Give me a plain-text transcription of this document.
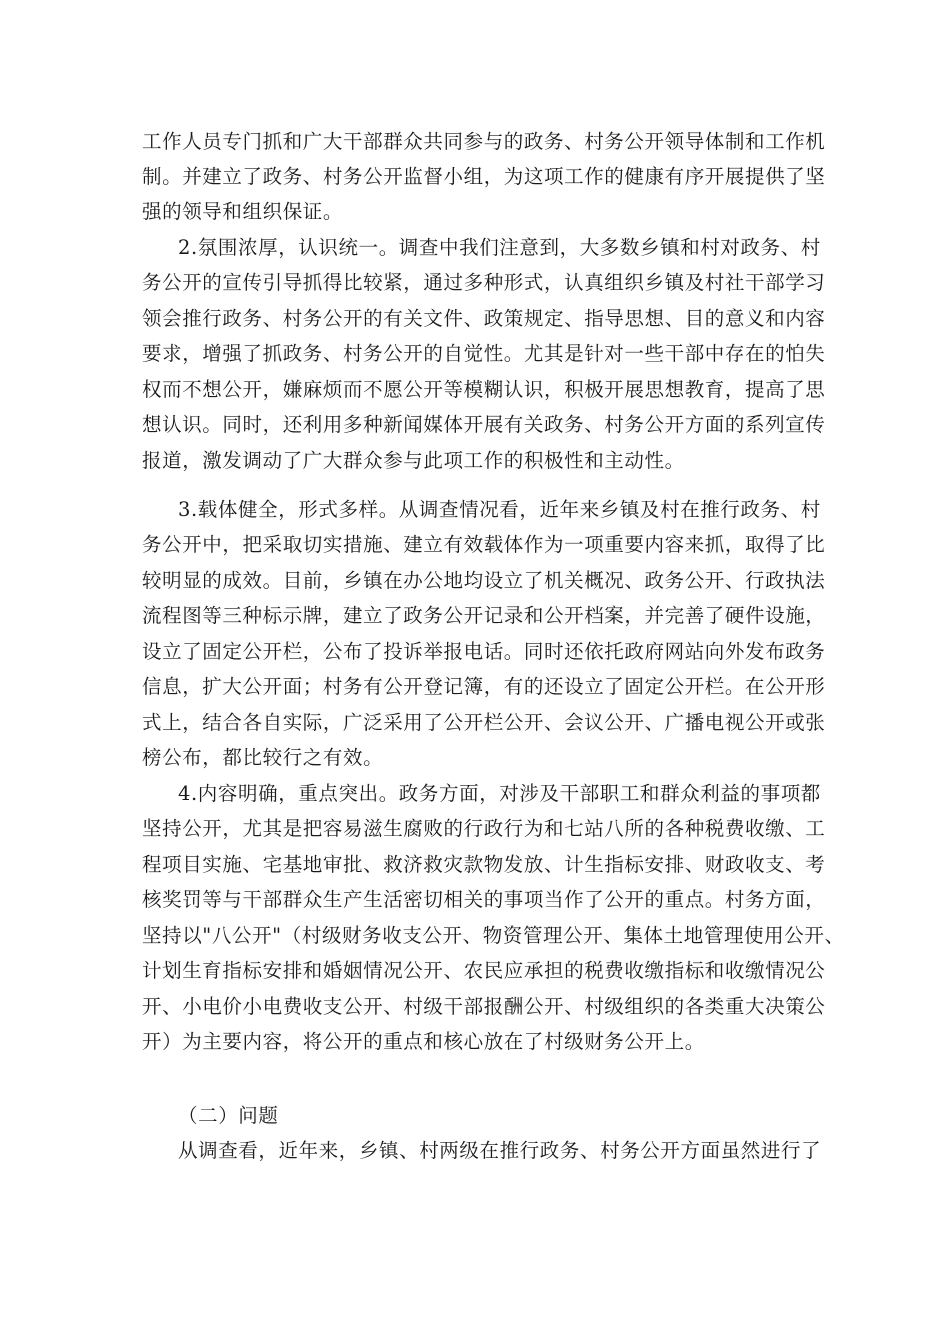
工作人员专门抓和广大干部群众共同参与的政务、村务公开领导体制和工作机
制。并建立了政务、村务公开监督小组，为这项工作的健康有序开展提供了坚
强的领导和组织保证。
2.氛围浓厚，认识统一。调查中我们注意到，大多数乡镇和村对政务、村
务公开的宣传引导抓得比较紧，通过多种形式，认真组织乡镇及村社干部学习
领会推行政务、村务公开的有关文件、政策规定、指导思想、目的意义和内容
要求，增强了抓政务、村务公开的自觉性。尤其是针对一些干部中存在的怕失
权而不想公开，嫌麻烦而不愿公开等模糊认识，积极开展思想教育，提高了思
想认识。同时，还利用多种新闻媒体开展有关政务、村务公开方面的系列宣传
报道，激发调动了广大群众参与此项工作的积极性和主动性。
3.载体健全，形式多样。从调查情况看，近年来乡镇及村在推行政务、村
务公开中，把采取切实措施、建立有效载体作为一项重要内容来抓，取得了比
较明显的成效。目前，乡镇在办公地均设立了机关概况、政务公开、行政执法
流程图等三种标示牌，建立了政务公开记录和公开档案，并完善了硬件设施，
设立了固定公开栏，公布了投诉举报电话。同时还依托政府网站向外发布政务
信息，扩大公开面；村务有公开登记簿，有的还设立了固定公开栏。在公开形
式上，结合各自实际，广泛采用了公开栏公开、会议公开、广播电视公开或张
榜公布，都比较行之有效。
4.内容明确，重点突出。政务方面，对涉及干部职工和群众利益的事项都
坚持公开，尤其是把容易滋生腐败的行政行为和七站八所的各种税费收缴、工
程项目实施、宅基地审批、救济救灾款物发放、计生指标安排、财政收支、考
核奖罚等与干部群众生产生活密切相关的事项当作了公开的重点。村务方面，
坚持以"八公开"（村级财务收支公开、物资管理公开、集体土地管理使用公开、
计划生育指标安排和婚姻情况公开、农民应承担的税费收缴指标和收缴情况公
开、小电价小电费收支公开、村级干部报酬公开、村级组织的各类重大决策公
开）为主要内容，将公开的重点和核心放在了村级财务公开上。
（二）问题
从调查看，近年来，乡镇、村两级在推行政务、村务公开方面虽然进行了
